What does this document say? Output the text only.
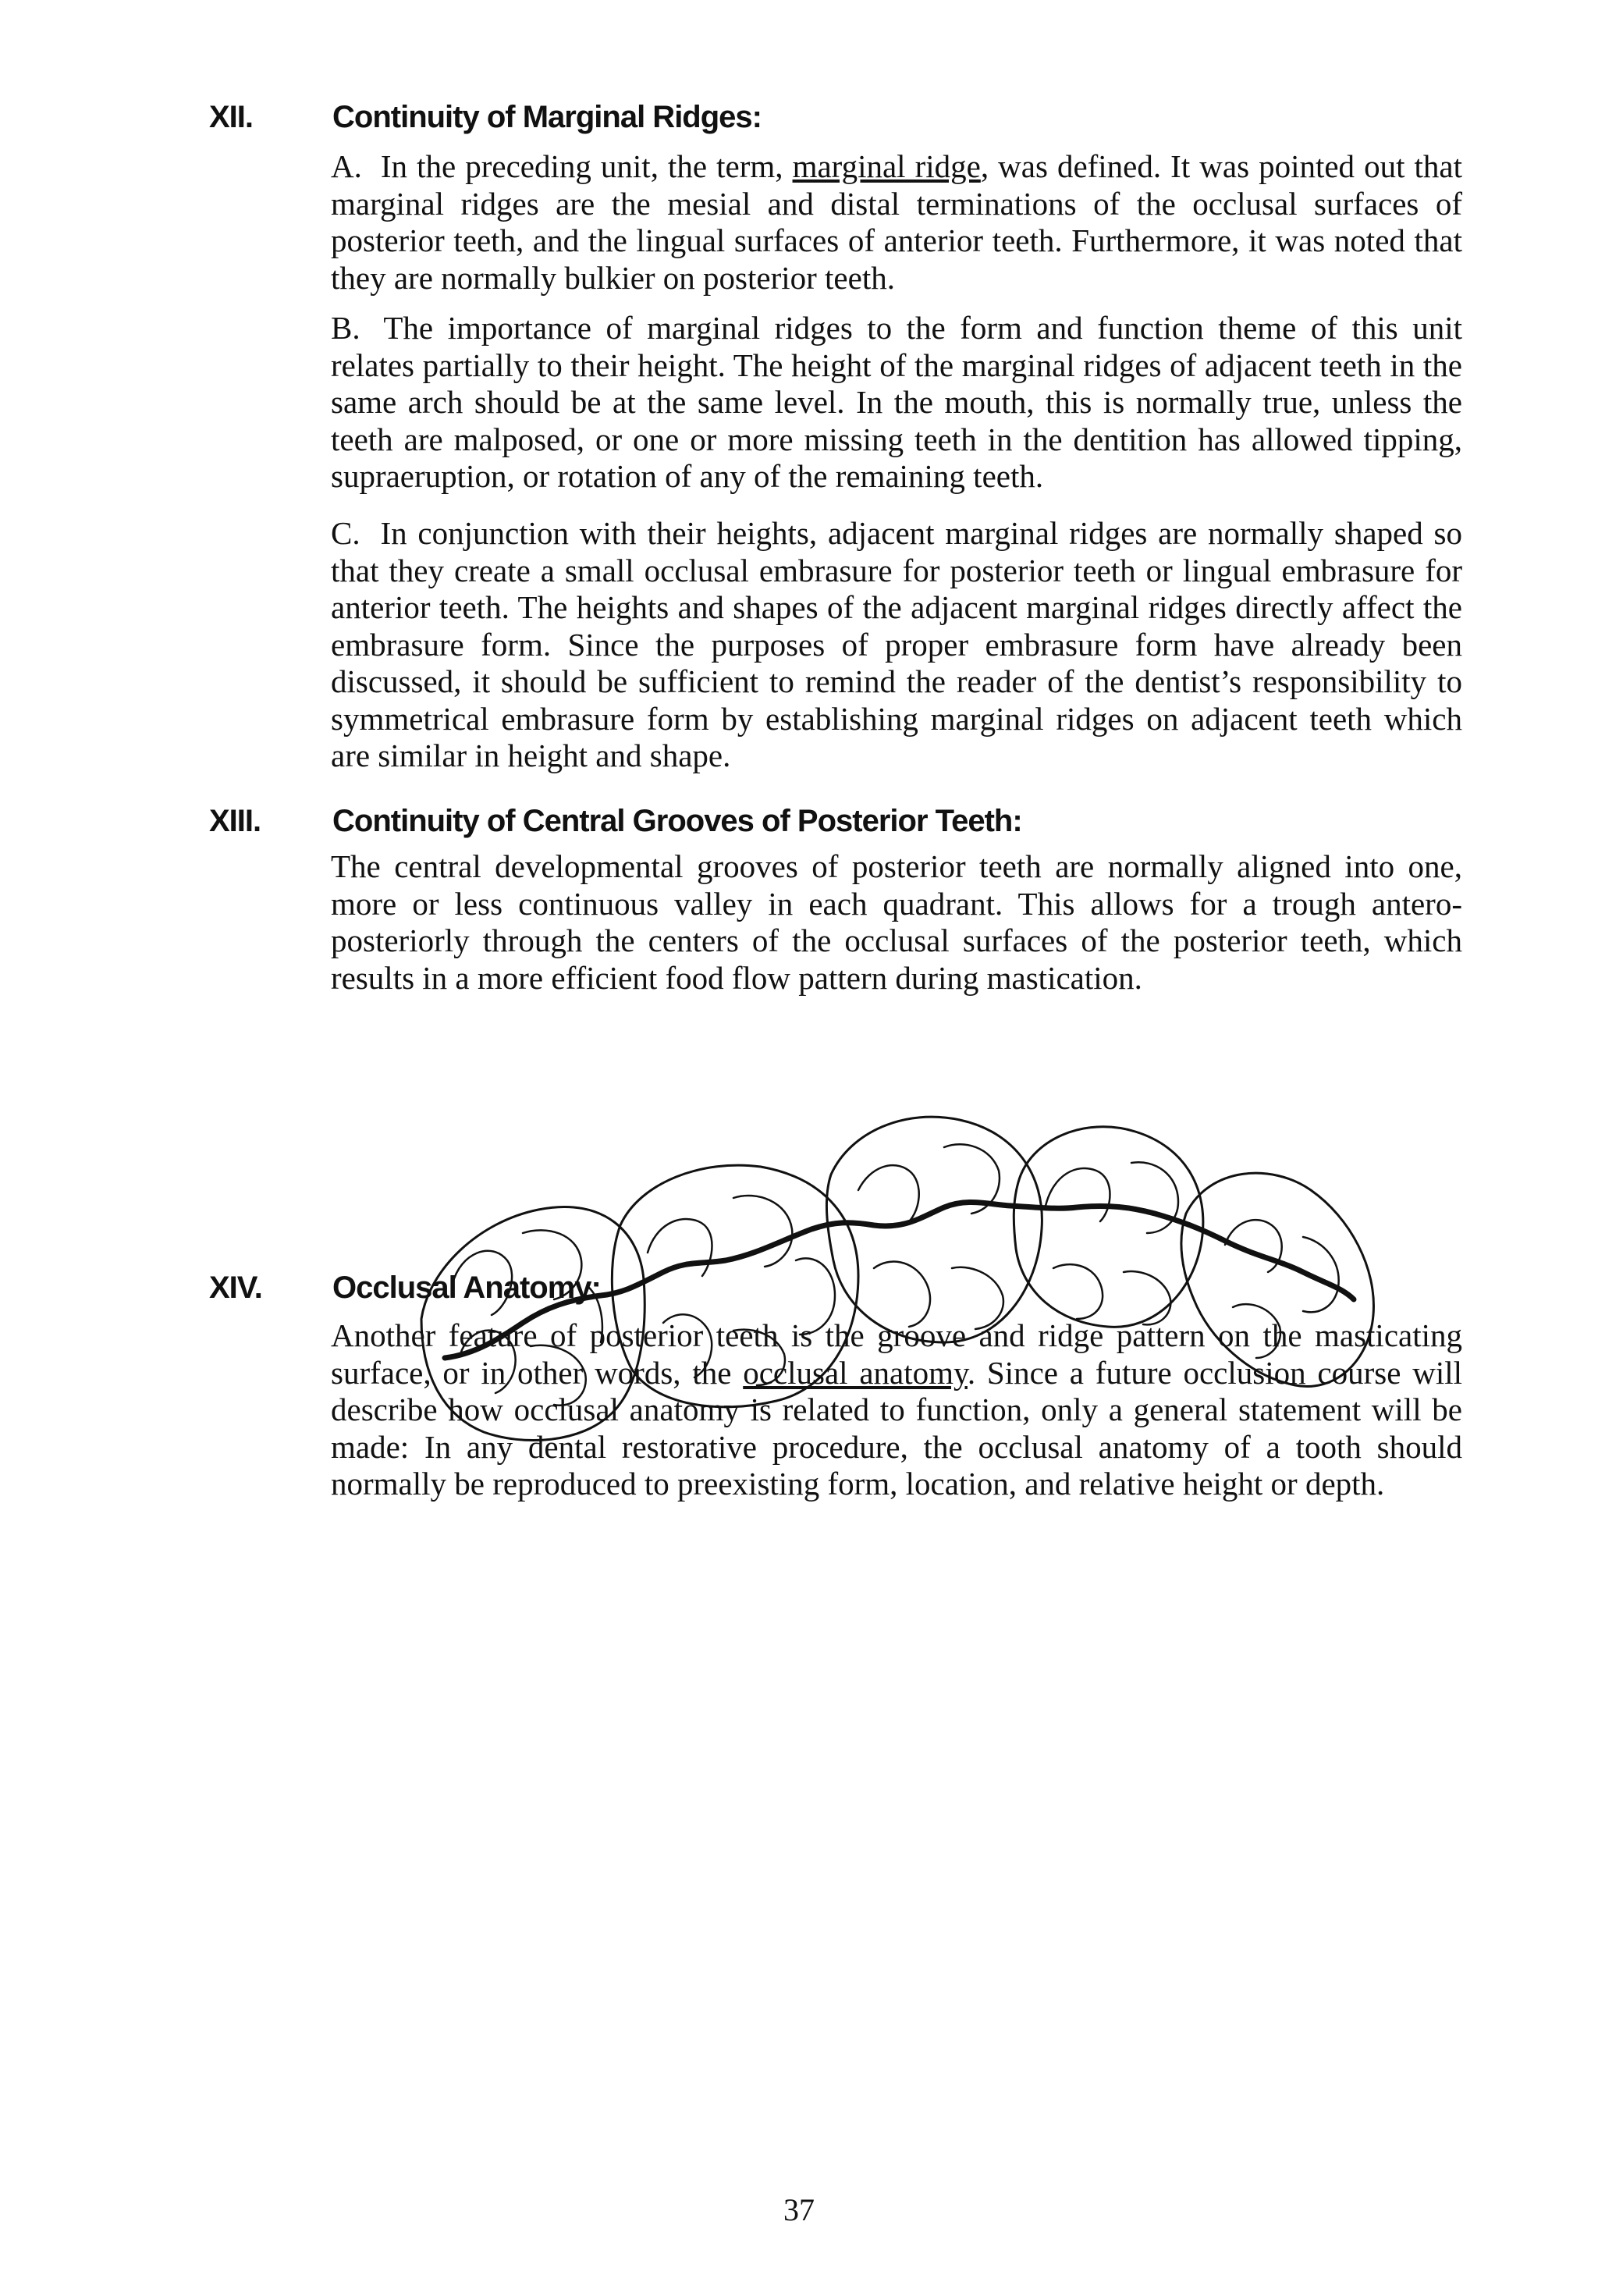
XII.	Continuity of Marginal Ridges:

A. In the preceding unit, the term, marginal ridge, was defined. It was pointed out that marginal ridges are the mesial and distal terminations of the occlusal surfaces of posterior teeth, and the lingual surfaces of anterior teeth. Furthermore, it was noted that they are normally bulkier on posterior teeth.

B. The importance of marginal ridges to the form and function theme of this unit relates partially to their height. The height of the marginal ridges of adjacent teeth in the same arch should be at the same level. In the mouth, this is normally true, unless the teeth are malposed, or one or more missing teeth in the dentition has allowed tipping, supraeruption, or rotation of any of the remaining teeth.

C. In conjunction with their heights, adjacent marginal ridges are normally shaped so that they create a small occlusal embrasure for posterior teeth or lingual embrasure for anterior teeth. The heights and shapes of the adjacent marginal ridges directly affect the embrasure form. Since the purposes of proper embrasure form have already been discussed, it should be sufficient to remind the reader of the dentist’s responsibility to symmetrical embrasure form by establishing marginal ridges on adjacent teeth which are similar in height and shape.

XIII. Continuity of Central Grooves of Posterior Teeth:

The central developmental grooves of posterior teeth are normally aligned into one, more or less continuous valley in each quadrant. This allows for a trough antero-posteriorly through the centers of the occlusal surfaces of the posterior teeth, which results in a more efficient food flow pattern during mastication.

XIV. Occlusal Anatomy:

Another feature of posterior teeth is the groove and ridge pattern on the masticating surface, or in other words, the occlusal anatomy. Since a future occlusion course will describe how occlusal anatomy is related to function, only a general statement will be made: In any dental restorative procedure, the occlusal anatomy of a tooth should normally be reproduced to preexisting form, location, and relative height or depth.

37
